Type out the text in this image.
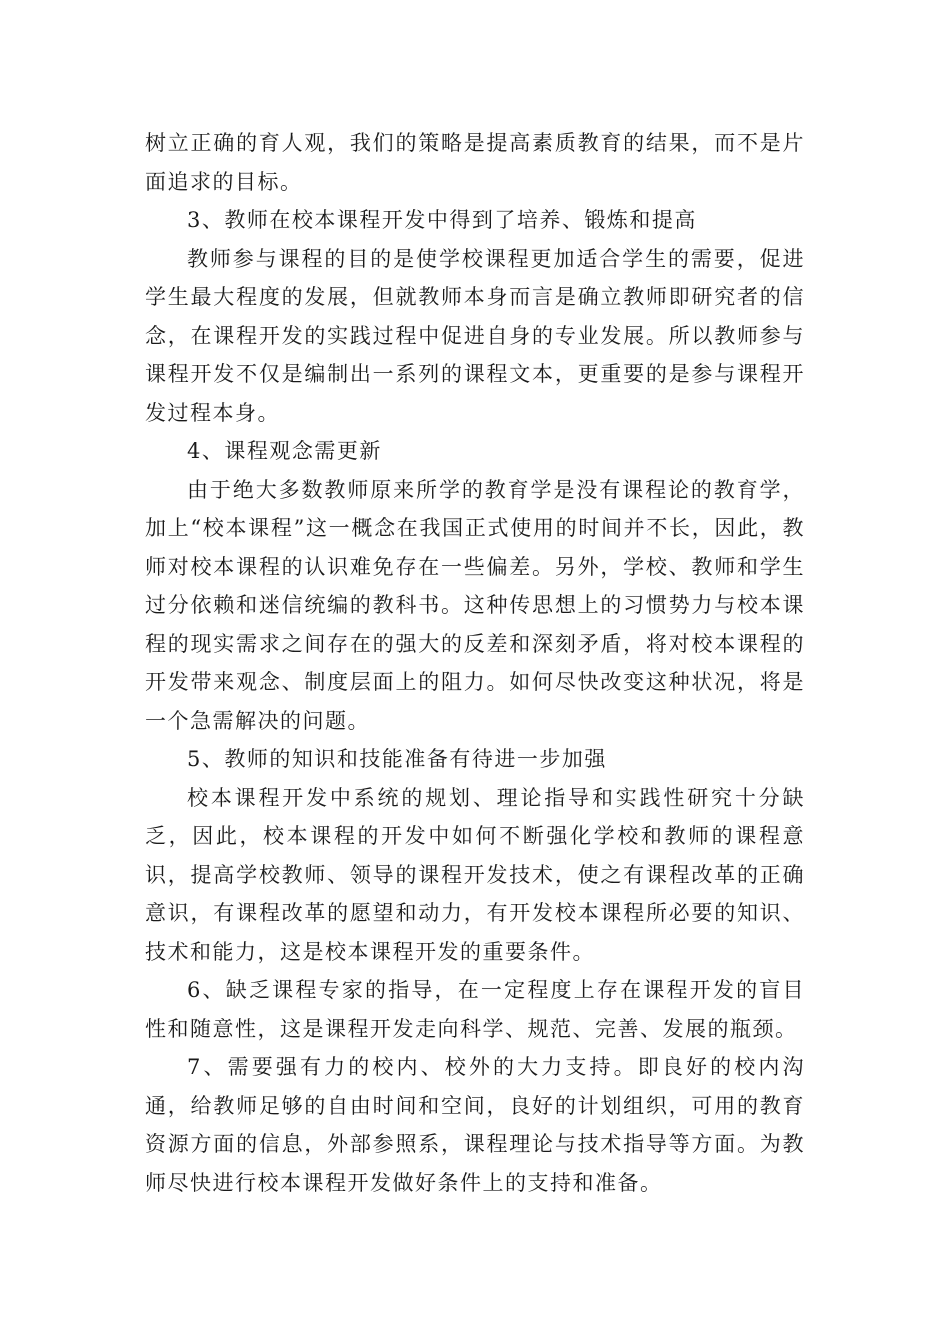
树立正确的育人观，我们的策略是提高素质教育的结果，而不是片面追求的目标。

3、教师在校本课程开发中得到了培养、锻炼和提高

教师参与课程的目的是使学校课程更加适合学生的需要，促进学生最大程度的发展，但就教师本身而言是确立教师即研究者的信念，在课程开发的实践过程中促进自身的专业发展。所以教师参与课程开发不仅是编制出一系列的课程文本，更重要的是参与课程开发过程本身。

4、课程观念需更新

由于绝大多数教师原来所学的教育学是没有课程论的教育学，加上“校本课程”这一概念在我国正式使用的时间并不长，因此，教师对校本课程的认识难免存在一些偏差。另外，学校、教师和学生过分依赖和迷信统编的教科书。这种传思想上的习惯势力与校本课程的现实需求之间存在的强大的反差和深刻矛盾，将对校本课程的开发带来观念、制度层面上的阻力。如何尽快改变这种状况，将是一个急需解决的问题。

5、教师的知识和技能准备有待进一步加强

校本课程开发中系统的规划、理论指导和实践性研究十分缺乏，因此，校本课程的开发中如何不断强化学校和教师的课程意识，提高学校教师、领导的课程开发技术，使之有课程改革的正确意识，有课程改革的愿望和动力，有开发校本课程所必要的知识、技术和能力，这是校本课程开发的重要条件。

6、缺乏课程专家的指导，在一定程度上存在课程开发的盲目性和随意性，这是课程开发走向科学、规范、完善、发展的瓶颈。

7、需要强有力的校内、校外的大力支持。即良好的校内沟通，给教师足够的自由时间和空间，良好的计划组织，可用的教育资源方面的信息，外部参照系，课程理论与技术指导等方面。为教师尽快进行校本课程开发做好条件上的支持和准备。
